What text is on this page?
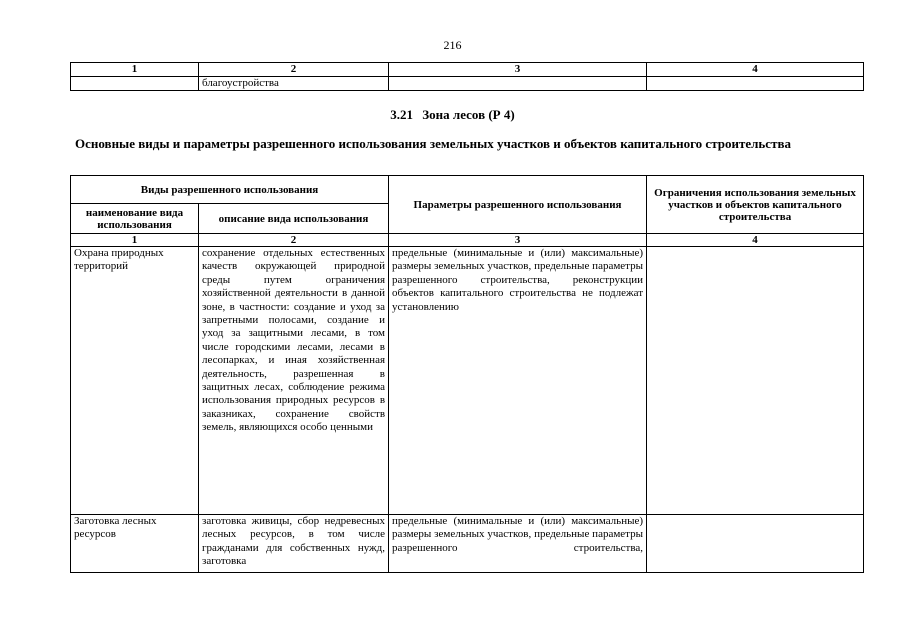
216
1	2	3	4
	благоустройства		
3.21 Зона лесов (Р 4)
Основные виды и параметры разрешенного использования земельных участков и объектов капитального строительства
Виды разрешенного использования		Параметры разрешенного использования	Ограничения использования земельных участков и объектов капитального строительства
наименование вида использования	описание вида использования		
1	2	3	4
Охрана природных территорий	сохранение отдельных естественных качеств окружающей природной среды путем ограничения хозяйственной деятельности в данной зоне, в частности: создание и уход за запретными полосами, создание и уход за защитными лесами, в том числе городскими лесами, лесами в лесопарках, и иная хозяйственная деятельность, разрешенная в защитных лесах, соблюдение режима использования природных ресурсов в заказниках, сохранение свойств земель, являющихся особо ценными	предельные (минимальные и (или) максимальные) размеры земельных участков, предельные параметры разрешенного строительства, реконструкции объектов капитального строительства не подлежат установлению	
Заготовка лесных ресурсов	заготовка живицы, сбор недревесных лесных ресурсов, в том числе гражданами для собственных нужд, заготовка	предельные (минимальные и (или) максимальные) размеры земельных участков, предельные параметры разрешенного строительства,	
